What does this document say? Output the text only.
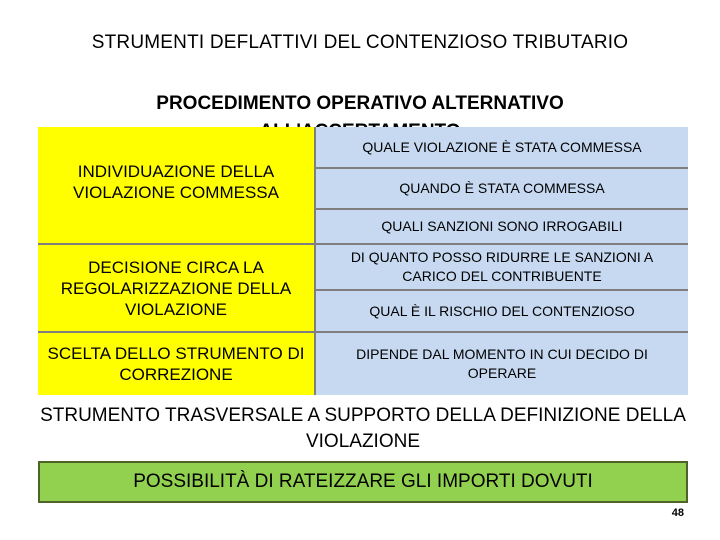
STRUMENTI DEFLATTIVI DEL CONTENZIOSO TRIBUTARIO
PROCEDIMENTO OPERATIVO ALTERNATIVO
INDIVIDUAZIONE DELLA VIOLAZIONE COMMESSA
DECISIONE CIRCA LA REGOLARIZZAZIONE DELLA VIOLAZIONE
SCELTA DELLO STRUMENTO DI CORREZIONE
QUALE VIOLAZIONE È STATA COMMESSA
QUANDO È STATA COMMESSA
QUALI SANZIONI SONO IRROGABILI
DI QUANTO POSSO RIDURRE LE SANZIONI A CARICO DEL CONTRIBUENTE
QUAL È IL RISCHIO DEL CONTENZIOSO
DIPENDE DAL MOMENTO IN CUI DECIDO DI OPERARE
STRUMENTO TRASVERSALE A SUPPORTO DELLA DEFINIZIONE DELLA VIOLAZIONE
POSSIBILITÀ DI RATEIZZARE GLI IMPORTI DOVUTI
48
